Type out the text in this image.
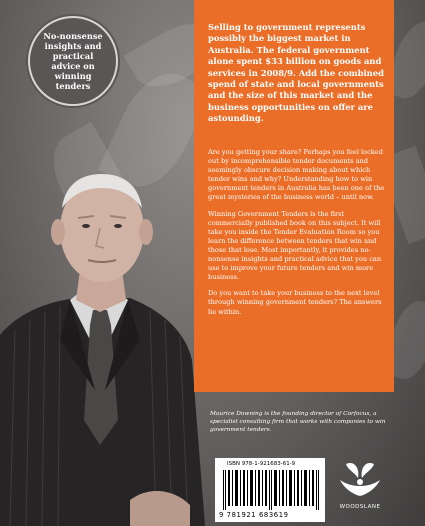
No-nonsense insights and practical advice on winning tenders
Selling to government represents possibly the biggest market in Australia. The federal government alone spent $33 billion on goods and services in 2008/9. Add the combined spend of state and local governments and the size of this market and the business opportunities on offer are astounding.

Are you getting your share? Perhaps you feel locked out by incomprehensible tender documents and seemingly obscure decision making about which tender wins and why? Understanding how to win government tenders in Australia has been one of the great mysteries of the business world – until now.

Winning Government Tenders is the first commercially published book on this subject. It will take you inside the Tender Evaluation Room so you learn the difference between tenders that win and those that lose. Most importantly, it provides no-nonsense insights and practical advice that you can use to improve your future tenders and win more business.

Do you want to take your business to the next level through winning government tenders? The answers lie within.

Maurice Downing is the founding director of Corfocus, a specialist consulting firm that works with companies to win government tenders.
ISBN 978-1-921683-61-9
9 781921 683619
WOODSLANE
